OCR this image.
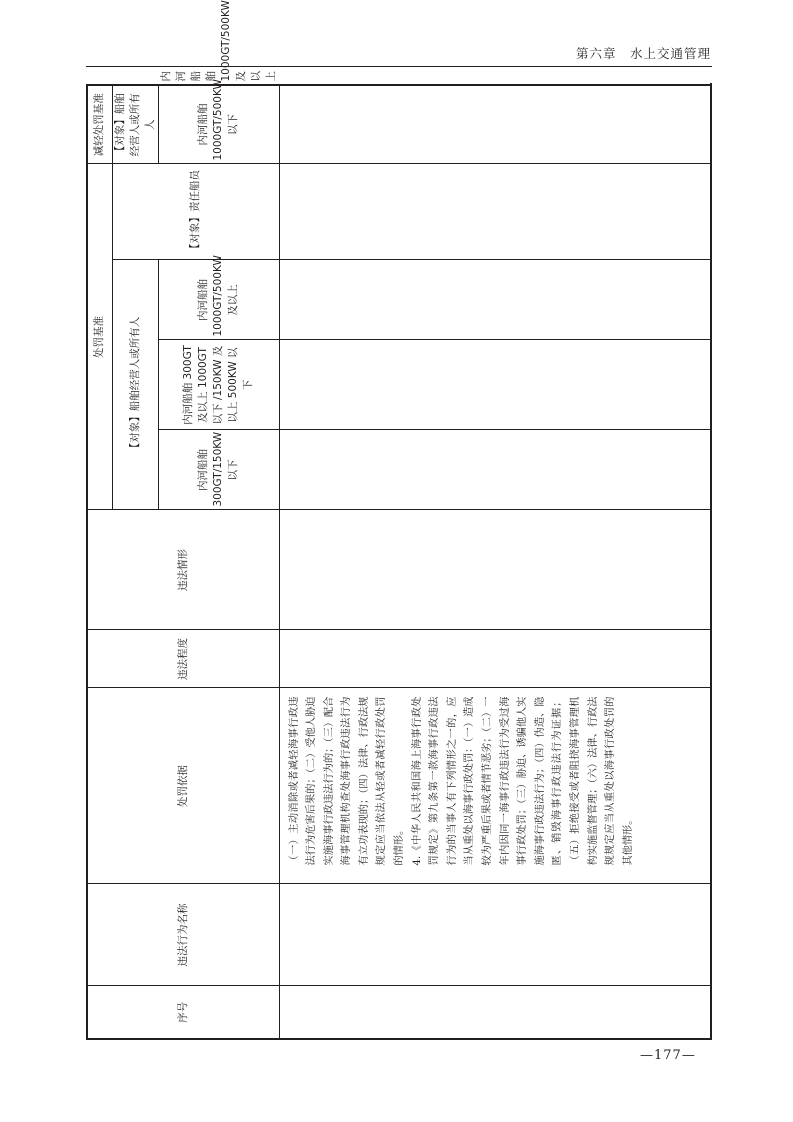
第六章　水上交通管理
序号	违法行为名称	处罚依据	违法程度	违法情形	处罚基准				减轻处罚基准	

					【对象】船舶经营人或所有人			【对象】责任船员	【对象】船舶经营人或所有人	

					内河船舶 300GT/150KW 以下	内河船舶 300GT 及以上 1000GT 以下 /150KW 及以上 500KW 以下	内河船舶 1000GT/500KW 及以上		内河船舶 1000GT/500KW 以下	内河船舶 1000GT/500KW 及以上

		（一）主动消除或者减轻海事行政违法行为危害后果的；（二）受他人胁迫实施海事行政违法行为的；（三）配合海事管理机构查处海事行政违法行为有立功表现的；（四）法律、行政法规规定应当依法从轻或者减轻行政处罚的情形。
4.《中华人民共和国海上海事行政处罚规定》第九条第一款海事行政违法行为的当事人有下列情形之一的，应当从重处以海事行政处罚：（一）造成较为严重后果或者情节恶劣；（二）一年内因同一海事行政违法行为受过海事行政处罚；（三）胁迫、诱骗他人实施海事行政违法行为；（四）伪造、隐匿、销毁海事行政违法行为证据；（五）拒绝接受或者阻挠海事管理机构实施监督管理；（六）法律、行政法规规定应当从重处以海事行政处罚的其他情形。								

—177—
